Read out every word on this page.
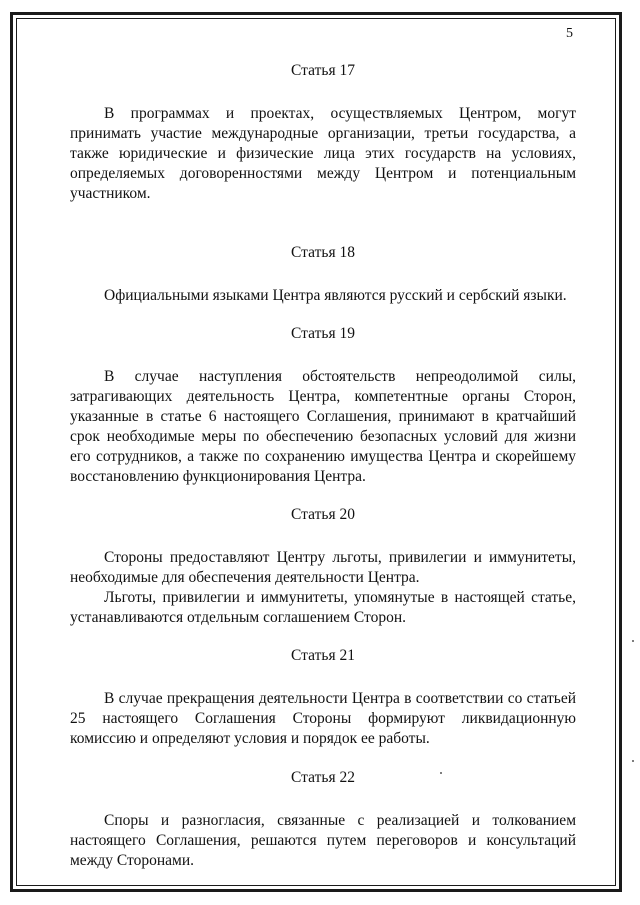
5

Статья 17

В программах и проектах, осуществляемых Центром, могут принимать участие международные организации, третьи государства, а также юридические и физические лица этих государств на условиях, определяемых договоренностями между Центром и потенциальным участником.

Статья 18

Официальными языками Центра являются русский и сербский языки.

Статья 19

В случае наступления обстоятельств непреодолимой силы, затрагивающих деятельность Центра, компетентные органы Сторон, указанные в статье 6 настоящего Соглашения, принимают в кратчайший срок необходимые меры по обеспечению безопасных условий для жизни его сотрудников, а также по сохранению имущества Центра и скорейшему восстановлению функционирования Центра.

Статья 20

Стороны предоставляют Центру льготы, привилегии и иммунитеты, необходимые для обеспечения деятельности Центра.

Льготы, привилегии и иммунитеты, упомянутые в настоящей статье, устанавливаются отдельным соглашением Сторон.

Статья 21

В случае прекращения деятельности Центра в соответствии со статьей 25 настоящего Соглашения Стороны формируют ликвидационную комиссию и определяют условия и порядок ее работы.

Статья 22

Споры и разногласия, связанные с реализацией и толкованием настоящего Соглашения, решаются путем переговоров и консультаций между Сторонами.
